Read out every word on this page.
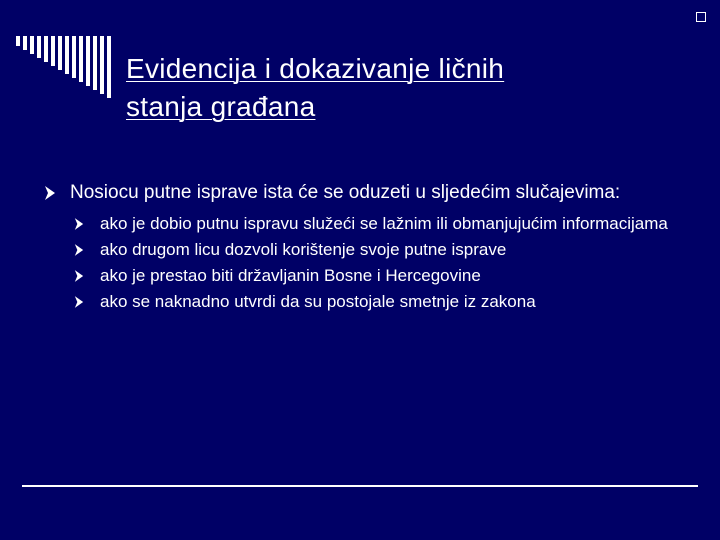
Evidencija i dokazivanje ličnih
stanja građana
Nosiocu putne isprave ista će se oduzeti u sljedećim slučajevima:
ako je dobio putnu ispravu služeći se lažnim ili obmanjujućim informacijama
ako drugom licu dozvoli korištenje svoje putne isprave
ako je prestao biti državljanin Bosne i Hercegovine
ako se naknadno utvrdi da su postojale smetnje iz zakona
